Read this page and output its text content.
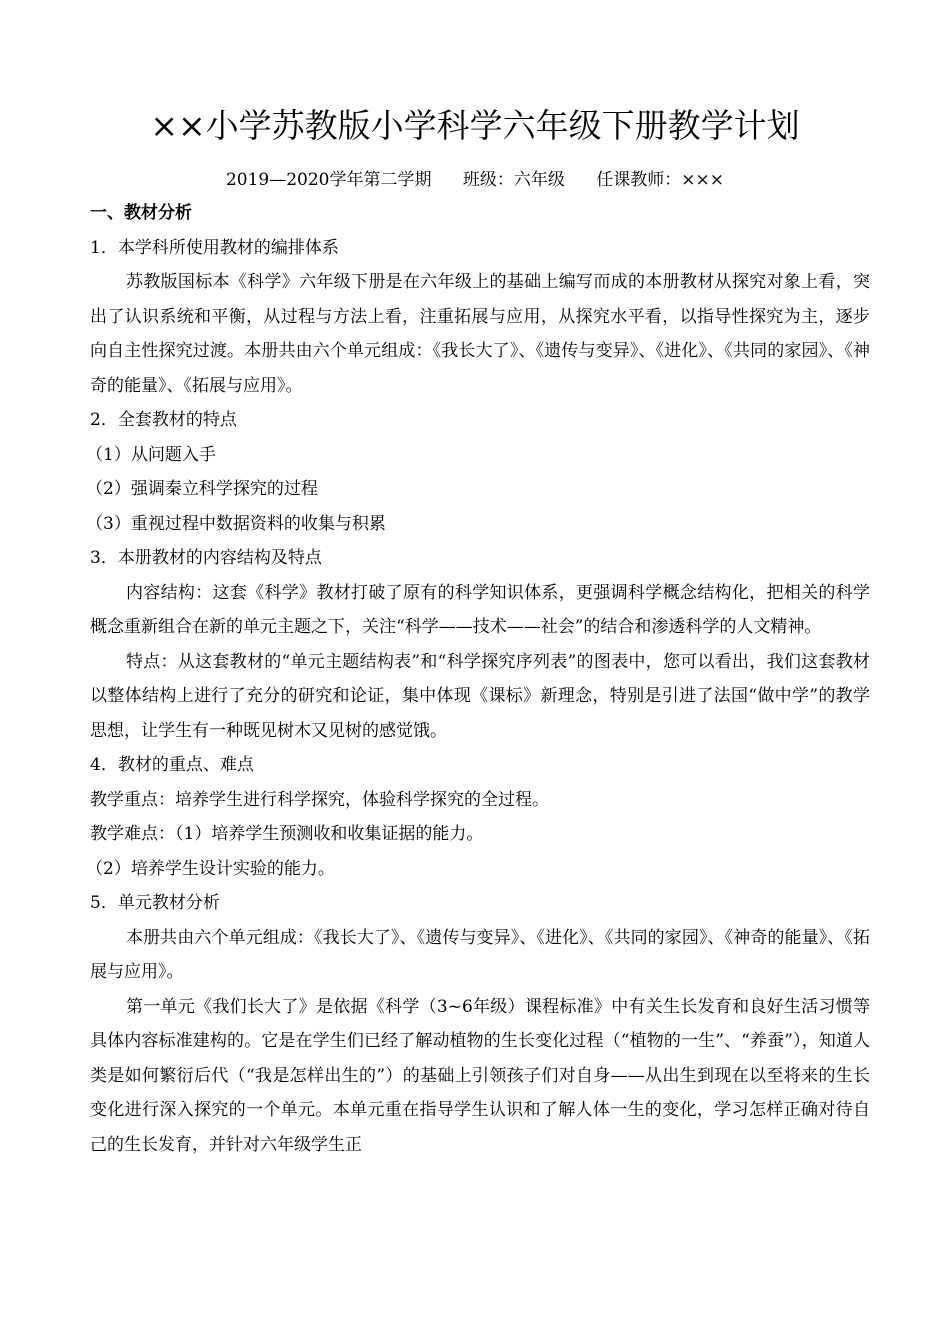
××小学苏教版小学科学六年级下册教学计划
2019—2020学年第二学期 班级：六年级 任课教师：×××

一、教材分析

1．本学科所使用教材的编排体系

苏教版国标本《科学》六年级下册是在六年级上的基础上编写而成的本册教材从探究对象上看，突出了认识系统和平衡，从过程与方法上看，注重拓展与应用，从探究水平看，以指导性探究为主，逐步向自主性探究过渡。本册共由六个单元组成：《我长大了》、《遗传与变异》、《进化》、《共同的家园》、《神奇的能量》、《拓展与应用》。

2．全套教材的特点

（1）从问题入手

（2）强调秦立科学探究的过程

（3）重视过程中数据资料的收集与积累

3．本册教材的内容结构及特点

内容结构：这套《科学》教材打破了原有的科学知识体系，更强调科学概念结构化，把相关的科学概念重新组合在新的单元主题之下，关注“科学——技术——社会”的结合和渗透科学的人文精神。

特点：从这套教材的“单元主题结构表”和“科学探究序列表”的图表中，您可以看出，我们这套教材以整体结构上进行了充分的研究和论证，集中体现《课标》新理念，特别是引进了法国“做中学”的教学思想，让学生有一种既见树木又见树的感觉饿。

4．教材的重点、难点

教学重点：培养学生进行科学探究，体验科学探究的全过程。

教学难点：（1）培养学生预测收和收集证据的能力。

（2）培养学生设计实验的能力。

5．单元教材分析

本册共由六个单元组成：《我长大了》、《遗传与变异》、《进化》、《共同的家园》、《神奇的能量》、《拓展与应用》。

第一单元《我们长大了》是依据《科学（3~6年级）课程标准》中有关生长发育和良好生活习惯等具体内容标准建构的。它是在学生们已经了解动植物的生长变化过程（“植物的一生”、“养蚕”），知道人类是如何繁衍后代（“我是怎样出生的”）的基础上引领孩子们对自身——从出生到现在以至将来的生长变化进行深入探究的一个单元。本单元重在指导学生认识和了解人体一生的变化，学习怎样正确对待自己的生长发育，并针对六年级学生正
